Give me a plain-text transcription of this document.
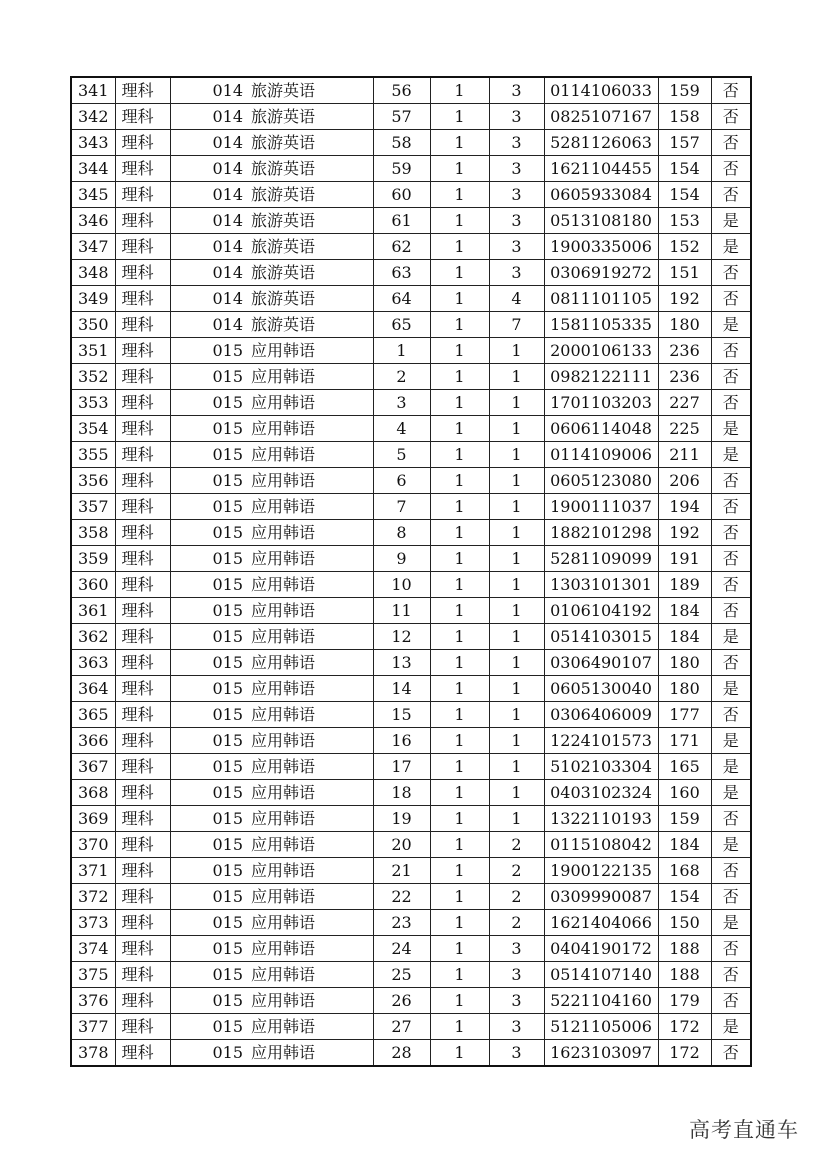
341	理科	014 旅游英语	56	1	3	0114106033	159	否
342	理科	014 旅游英语	57	1	3	0825107167	158	否
343	理科	014 旅游英语	58	1	3	5281126063	157	否
344	理科	014 旅游英语	59	1	3	1621104455	154	否
345	理科	014 旅游英语	60	1	3	0605933084	154	否
346	理科	014 旅游英语	61	1	3	0513108180	153	是
347	理科	014 旅游英语	62	1	3	1900335006	152	是
348	理科	014 旅游英语	63	1	3	0306919272	151	否
349	理科	014 旅游英语	64	1	4	0811101105	192	否
350	理科	014 旅游英语	65	1	7	1581105335	180	是
351	理科	015 应用韩语	1	1	1	2000106133	236	否
352	理科	015 应用韩语	2	1	1	0982122111	236	否
353	理科	015 应用韩语	3	1	1	1701103203	227	否
354	理科	015 应用韩语	4	1	1	0606114048	225	是
355	理科	015 应用韩语	5	1	1	0114109006	211	是
356	理科	015 应用韩语	6	1	1	0605123080	206	否
357	理科	015 应用韩语	7	1	1	1900111037	194	否
358	理科	015 应用韩语	8	1	1	1882101298	192	否
359	理科	015 应用韩语	9	1	1	5281109099	191	否
360	理科	015 应用韩语	10	1	1	1303101301	189	否
361	理科	015 应用韩语	11	1	1	0106104192	184	否
362	理科	015 应用韩语	12	1	1	0514103015	184	是
363	理科	015 应用韩语	13	1	1	0306490107	180	否
364	理科	015 应用韩语	14	1	1	0605130040	180	是
365	理科	015 应用韩语	15	1	1	0306406009	177	否
366	理科	015 应用韩语	16	1	1	1224101573	171	是
367	理科	015 应用韩语	17	1	1	5102103304	165	是
368	理科	015 应用韩语	18	1	1	0403102324	160	是
369	理科	015 应用韩语	19	1	1	1322110193	159	否
370	理科	015 应用韩语	20	1	2	0115108042	184	是
371	理科	015 应用韩语	21	1	2	1900122135	168	否
372	理科	015 应用韩语	22	1	2	0309990087	154	否
373	理科	015 应用韩语	23	1	2	1621404066	150	是
374	理科	015 应用韩语	24	1	3	0404190172	188	否
375	理科	015 应用韩语	25	1	3	0514107140	188	否
376	理科	015 应用韩语	26	1	3	5221104160	179	否
377	理科	015 应用韩语	27	1	3	5121105006	172	是
378	理科	015 应用韩语	28	1	3	1623103097	172	否
高考直通车
